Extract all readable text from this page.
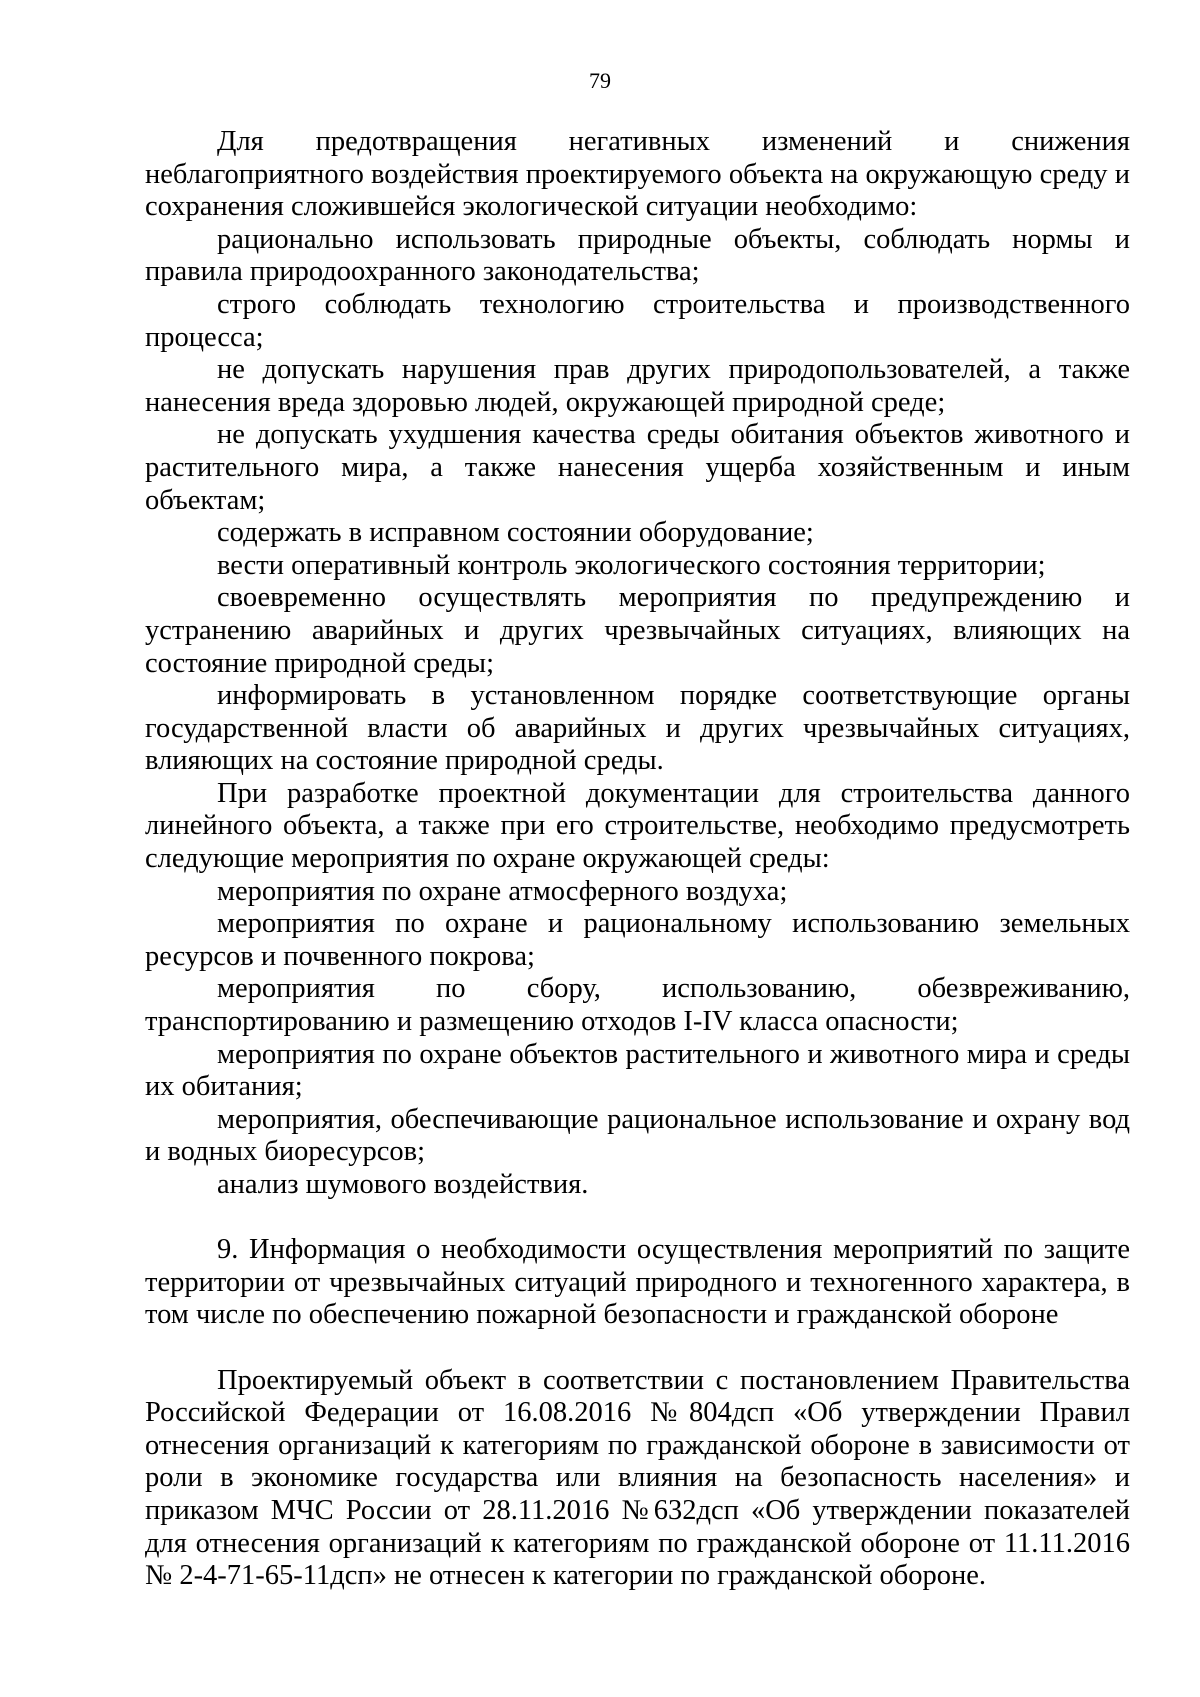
79

Для предотвращения негативных изменений и снижения неблагоприятного воздействия проектируемого объекта на окружающую среду и сохранения сложившейся экологической ситуации необходимо:

рационально использовать природные объекты, соблюдать нормы и правила природоохранного законодательства;

строго соблюдать технологию строительства и производственного процесса;

не допускать нарушения прав других природопользователей, а также нанесения вреда здоровью людей, окружающей природной среде;

не допускать ухудшения качества среды обитания объектов животного и растительного мира, а также нанесения ущерба хозяйственным и иным объектам;

содержать в исправном состоянии оборудование;

вести оперативный контроль экологического состояния территории;

своевременно осуществлять мероприятия по предупреждению и устранению аварийных и других чрезвычайных ситуациях, влияющих на состояние природной среды;

информировать в установленном порядке соответствующие органы государственной власти об аварийных и других чрезвычайных ситуациях, влияющих на состояние природной среды.

При разработке проектной документации для строительства данного линейного объекта, а также при его строительстве, необходимо предусмотреть следующие мероприятия по охране окружающей среды:

мероприятия по охране атмосферного воздуха;

мероприятия по охране и рациональному использованию земельных ресурсов и почвенного покрова;

мероприятия по сбору, использованию, обезвреживанию, транспортированию и размещению отходов I-IV класса опасности;

мероприятия по охране объектов растительного и животного мира и среды их обитания;

мероприятия, обеспечивающие рациональное использование и охрану вод и водных биоресурсов;

анализ шумового воздействия.

9. Информация о необходимости осуществления мероприятий по защите территории от чрезвычайных ситуаций природного и техногенного характера, в том числе по обеспечению пожарной безопасности и гражданской обороне

Проектируемый объект в соответствии с постановлением Правительства Российской Федерации от 16.08.2016 №804дсп «Об утверждении Правил отнесения организаций к категориям по гражданской обороне в зависимости от роли в экономике государства или влияния на безопасность населения» и приказом МЧС России от 28.11.2016 №632дсп «Об утверждении показателей для отнесения организаций к категориям по гражданской обороне от 11.11.2016 № 2-4-71-65-11дсп» не отнесен к категории по гражданской обороне.
